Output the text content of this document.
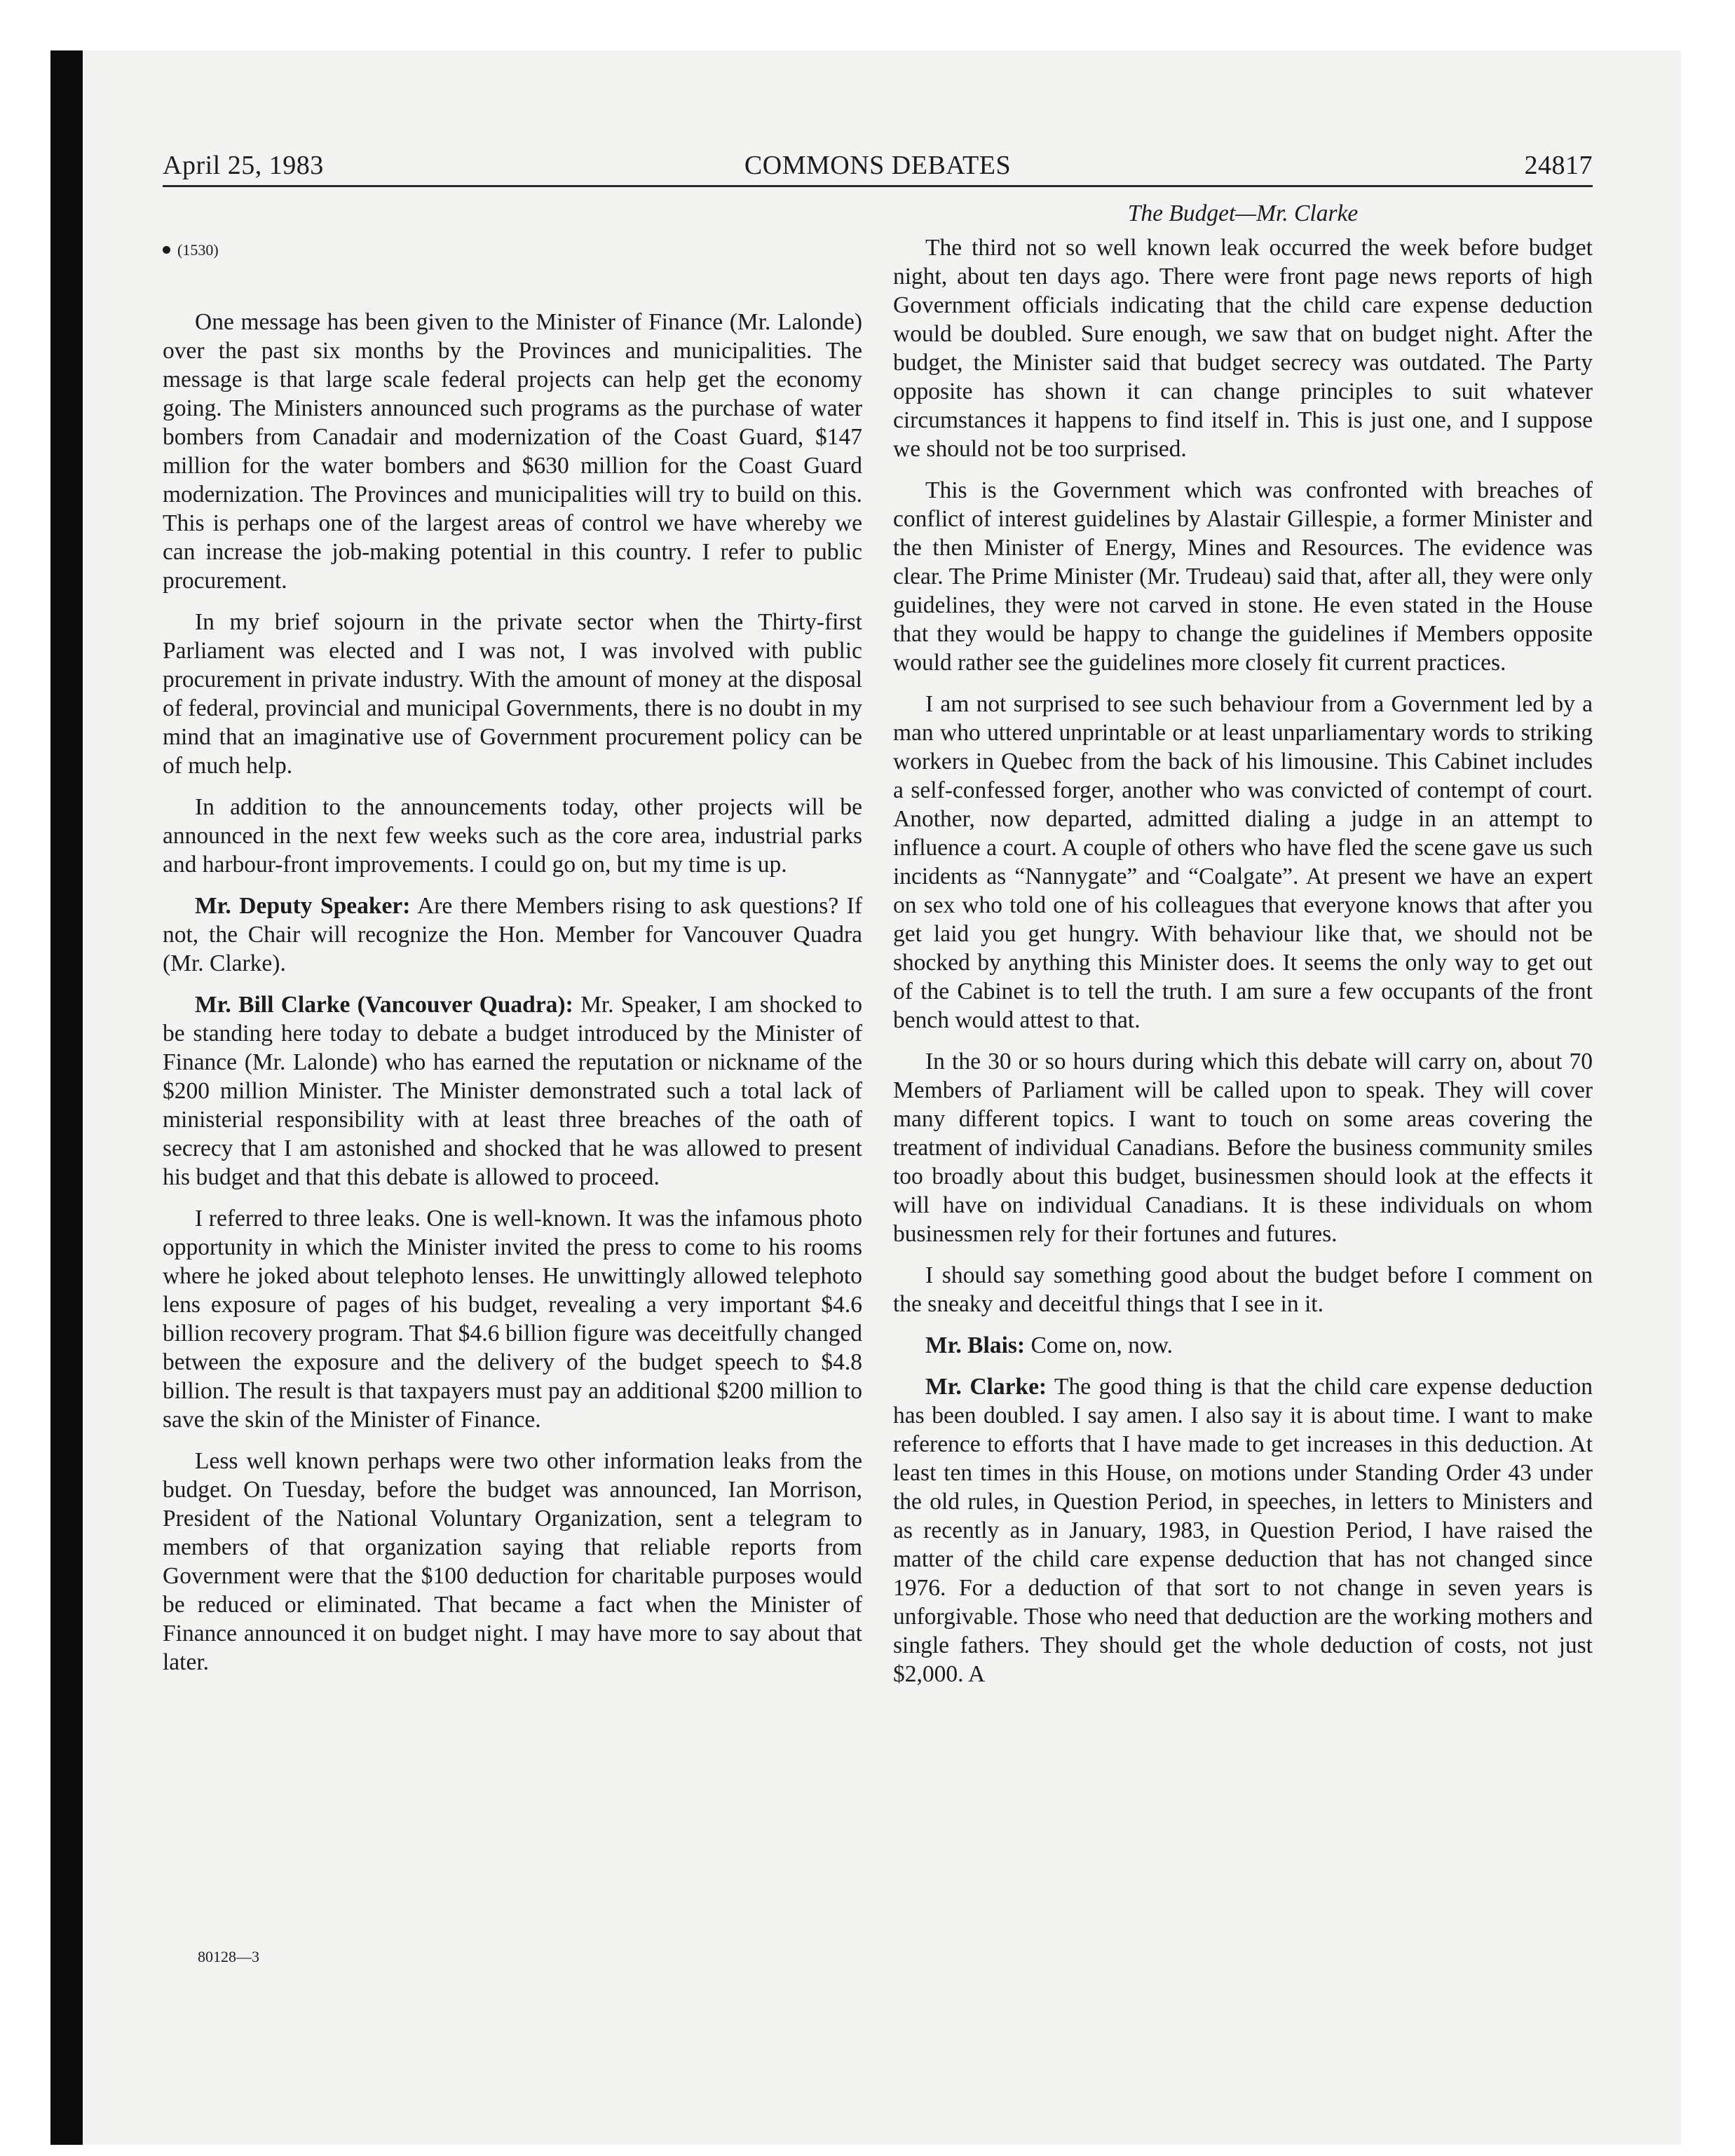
April 25, 1983	COMMONS DEBATES	24817
(1530)

One message has been given to the Minister of Finance (Mr. Lalonde) over the past six months by the Provinces and municipalities. The message is that large scale federal projects can help get the economy going. The Ministers announced such programs as the purchase of water bombers from Canadair and modernization of the Coast Guard, $147 million for the water bombers and $630 million for the Coast Guard modernization. The Provinces and municipalities will try to build on this. This is perhaps one of the largest areas of control we have whereby we can increase the job-making potential in this country. I refer to public procurement.

In my brief sojourn in the private sector when the Thirty-first Parliament was elected and I was not, I was involved with public procurement in private industry. With the amount of money at the disposal of federal, provincial and municipal Governments, there is no doubt in my mind that an imaginative use of Government procurement policy can be of much help.

In addition to the announcements today, other projects will be announced in the next few weeks such as the core area, industrial parks and harbour-front improvements. I could go on, but my time is up.

Mr. Deputy Speaker: Are there Members rising to ask questions? If not, the Chair will recognize the Hon. Member for Vancouver Quadra (Mr. Clarke).

Mr. Bill Clarke (Vancouver Quadra): Mr. Speaker, I am shocked to be standing here today to debate a budget introduced by the Minister of Finance (Mr. Lalonde) who has earned the reputation or nickname of the $200 million Minister. The Minister demonstrated such a total lack of ministerial responsibility with at least three breaches of the oath of secrecy that I am astonished and shocked that he was allowed to present his budget and that this debate is allowed to proceed.

I referred to three leaks. One is well-known. It was the infamous photo opportunity in which the Minister invited the press to come to his rooms where he joked about telephoto lenses. He unwittingly allowed telephoto lens exposure of pages of his budget, revealing a very important $4.6 billion recovery program. That $4.6 billion figure was deceitfully changed between the exposure and the delivery of the budget speech to $4.8 billion. The result is that taxpayers must pay an additional $200 million to save the skin of the Minister of Finance.

Less well known perhaps were two other information leaks from the budget. On Tuesday, before the budget was announced, Ian Morrison, President of the National Voluntary Organization, sent a telegram to members of that organization saying that reliable reports from Government were that the $100 deduction for charitable purposes would be reduced or eliminated. That became a fact when the Minister of Finance announced it on budget night. I may have more to say about that later.

The Budget—Mr. Clarke

The third not so well known leak occurred the week before budget night, about ten days ago. There were front page news reports of high Government officials indicating that the child care expense deduction would be doubled. Sure enough, we saw that on budget night. After the budget, the Minister said that budget secrecy was outdated. The Party opposite has shown it can change principles to suit whatever circumstances it happens to find itself in. This is just one, and I suppose we should not be too surprised.

This is the Government which was confronted with breaches of conflict of interest guidelines by Alastair Gillespie, a former Minister and the then Minister of Energy, Mines and Resources. The evidence was clear. The Prime Minister (Mr. Trudeau) said that, after all, they were only guidelines, they were not carved in stone. He even stated in the House that they would be happy to change the guidelines if Members opposite would rather see the guidelines more closely fit current practices.

I am not surprised to see such behaviour from a Government led by a man who uttered unprintable or at least unparliamentary words to striking workers in Quebec from the back of his limousine. This Cabinet includes a self-confessed forger, another who was convicted of contempt of court. Another, now departed, admitted dialing a judge in an attempt to influence a court. A couple of others who have fled the scene gave us such incidents as “Nannygate” and “Coalgate”. At present we have an expert on sex who told one of his colleagues that everyone knows that after you get laid you get hungry. With behaviour like that, we should not be shocked by anything this Minister does. It seems the only way to get out of the Cabinet is to tell the truth. I am sure a few occupants of the front bench would attest to that.

In the 30 or so hours during which this debate will carry on, about 70 Members of Parliament will be called upon to speak. They will cover many different topics. I want to touch on some areas covering the treatment of individual Canadians. Before the business community smiles too broadly about this budget, businessmen should look at the effects it will have on individual Canadians. It is these individuals on whom businessmen rely for their fortunes and futures.

I should say something good about the budget before I comment on the sneaky and deceitful things that I see in it.

Mr. Blais: Come on, now.

Mr. Clarke: The good thing is that the child care expense deduction has been doubled. I say amen. I also say it is about time. I want to make reference to efforts that I have made to get increases in this deduction. At least ten times in this House, on motions under Standing Order 43 under the old rules, in Question Period, in speeches, in letters to Ministers and as recently as in January, 1983, in Question Period, I have raised the matter of the child care expense deduction that has not changed since 1976. For a deduction of that sort to not change in seven years is unforgivable. Those who need that deduction are the working mothers and single fathers. They should get the whole deduction of costs, not just $2,000. A

80128—3
